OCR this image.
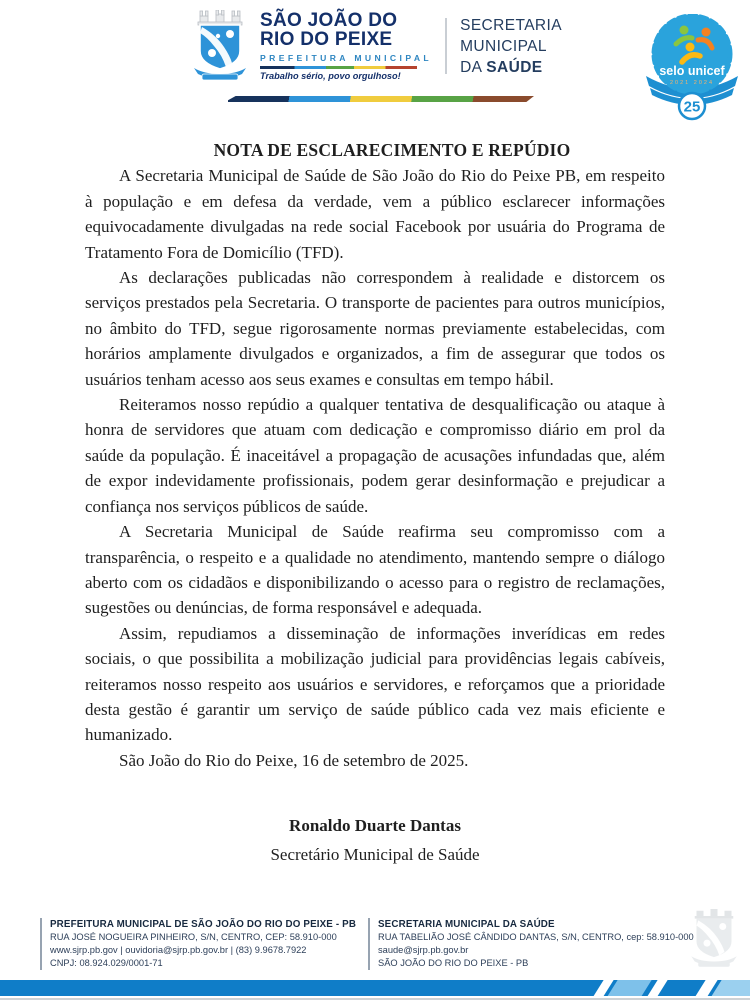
SÃO JOÃO DO
RIO DO PEIXE
PREFEITURA MUNICIPAL
Trabalho sério, povo orgulhoso!
SECRETARIA
MUNICIPAL
DA SAÚDE	selo unicef
2021 2024
25

NOTA DE ESCLARECIMENTO E REPÚDIO

A Secretaria Municipal de Saúde de São João do Rio do Peixe PB, em respeito à população e em defesa da verdade, vem a público esclarecer informações equivocadamente divulgadas na rede social Facebook por usuária do Programa de Tratamento Fora de Domicílio (TFD).

As declarações publicadas não correspondem à realidade e distorcem os serviços prestados pela Secretaria. O transporte de pacientes para outros municípios, no âmbito do TFD, segue rigorosamente normas previamente estabelecidas, com horários amplamente divulgados e organizados, a fim de assegurar que todos os usuários tenham acesso aos seus exames e consultas em tempo hábil.

Reiteramos nosso repúdio a qualquer tentativa de desqualificação ou ataque à honra de servidores que atuam com dedicação e compromisso diário em prol da saúde da população. É inaceitável a propagação de acusações infundadas que, além de expor indevidamente profissionais, podem gerar desinformação e prejudicar a confiança nos serviços públicos de saúde.

A Secretaria Municipal de Saúde reafirma seu compromisso com a transparência, o respeito e a qualidade no atendimento, mantendo sempre o diálogo aberto com os cidadãos e disponibilizando o acesso para o registro de reclamações, sugestões ou denúncias, de forma responsável e adequada.

Assim, repudiamos a disseminação de informações inverídicas em redes sociais, o que possibilita a mobilização judicial para providências legais cabíveis, reiteramos nosso respeito aos usuários e servidores, e reforçamos que a prioridade desta gestão é garantir um serviço de saúde público cada vez mais eficiente e humanizado.

São João do Rio do Peixe, 16 de setembro de 2025.

Ronaldo Duarte Dantas
Secretário Municipal de Saúde
PREFEITURA MUNICIPAL DE SÃO JOÃO DO RIO DO PEIXE - PB
RUA JOSÉ NOGUEIRA PINHEIRO, S/N, CENTRO, CEP: 58.910-000
www.sjrp.pb.gov | ouvidoria@sjrp.pb.gov.br | (83) 9.9678.7922
CNPJ: 08.924.029/0001-71
SECRETARIA MUNICIPAL DA SAÚDE
RUA TABELIÃO JOSÉ CÂNDIDO DANTAS, S/N, CENTRO, cep: 58.910-000
saude@sjrp.pb.gov.br
SÃO JOÃO DO RIO DO PEIXE - PB
